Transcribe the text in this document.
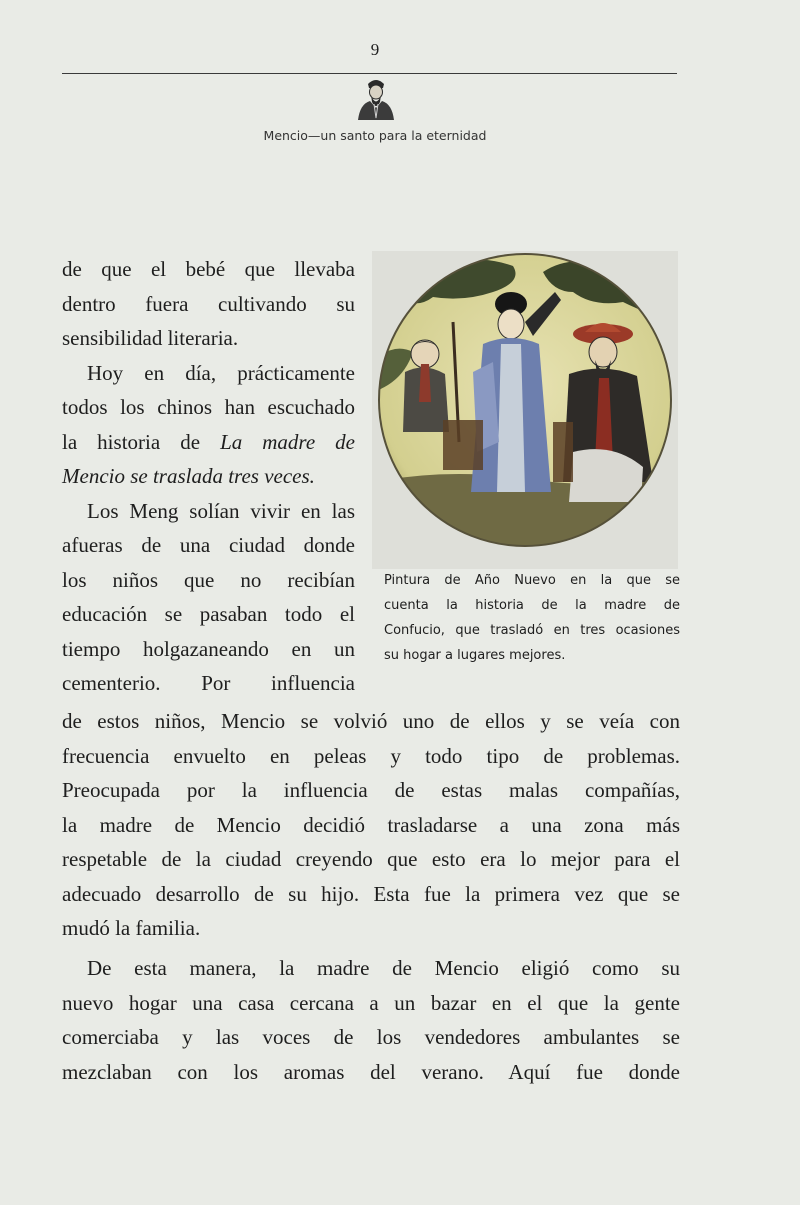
9
Mencio—un santo para la eternidad
de que el bebé que llevaba
dentro fuera cultivando su
sensibilidad literaria.
Hoy en día, prácticamente
todos los chinos han escuchado
la historia de La madre de
Mencio se traslada tres veces.
Los Meng solían vivir en las
afueras de una ciudad donde
los niños que no recibían
educación se pasaban todo el
tiempo holgazaneando en un
cementerio. Por influencia
Pintura de Año Nuevo en la que se
cuenta la historia de la madre de
Confucio, que trasladó en tres ocasiones
su hogar a lugares mejores.
de estos niños, Mencio se volvió uno de ellos y se veía con
frecuencia envuelto en peleas y todo tipo de problemas.
Preocupada por la influencia de estas malas compañías,
la madre de Mencio decidió trasladarse a una zona más
respetable de la ciudad creyendo que esto era lo mejor para el
adecuado desarrollo de su hijo. Esta fue la primera vez que se
mudó la familia.
De esta manera, la madre de Mencio eligió como su
nuevo hogar una casa cercana a un bazar en el que la gente
comerciaba y las voces de los vendedores ambulantes se
mezclaban con los aromas del verano. Aquí fue donde
